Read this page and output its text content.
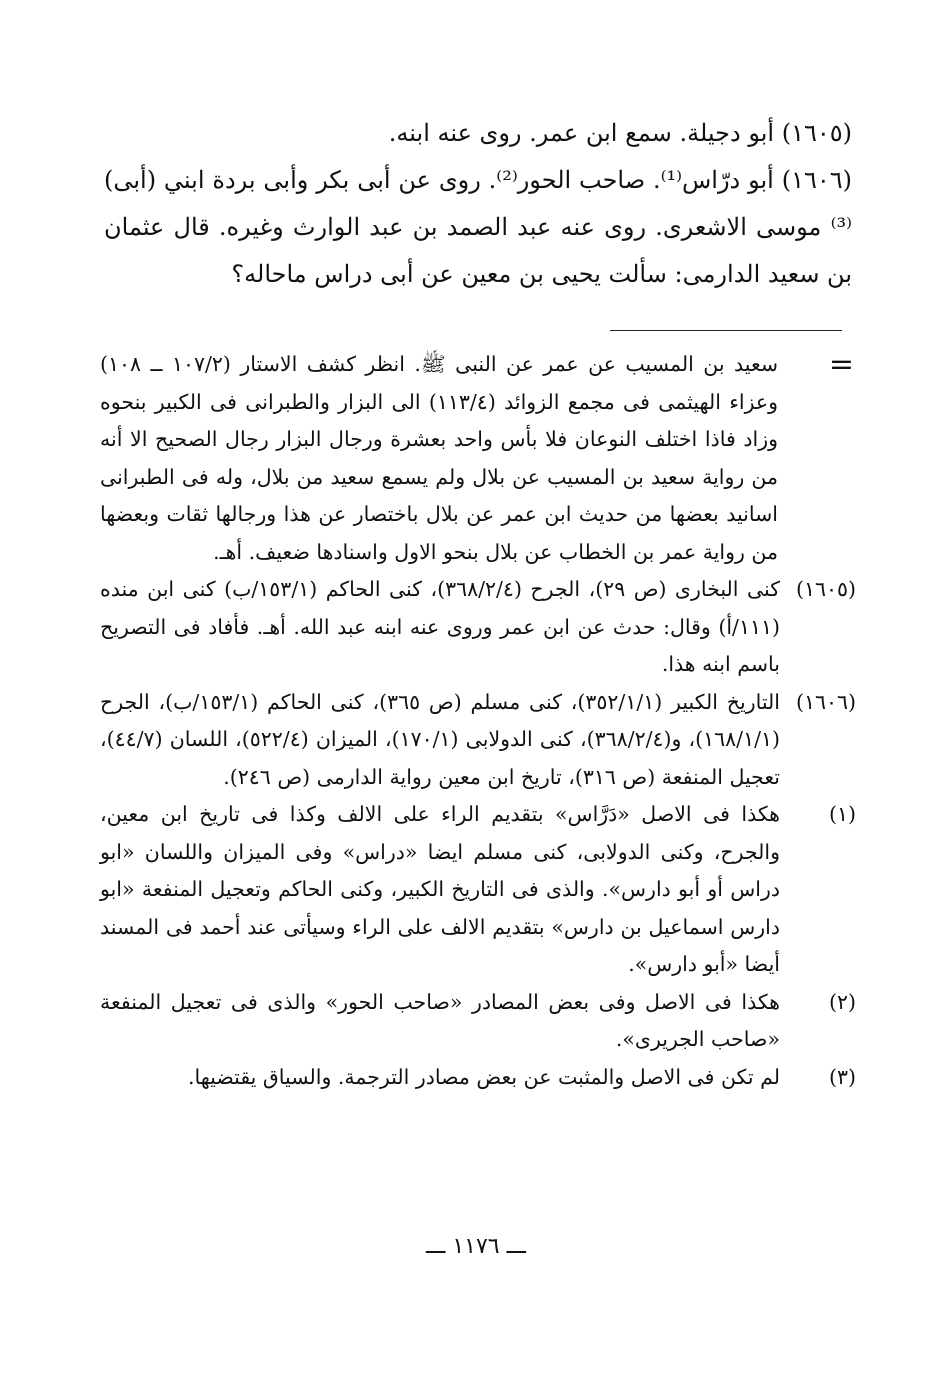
(١٦٠٥) أبو دجيلة. سمع ابن عمر. روى عنه ابنه.

(١٦٠٦) أبو درّاس⁽¹⁾. صاحب الحور⁽²⁾. روى عن أبى بكر وأبى بردة ابني (أبى)⁽³⁾ موسى الاشعرى. روى عنه عبد الصمد بن عبد الوارث وغيره. قال عثمان بن سعيد الدارمى: سألت يحيى بن معين عن أبى دراس ماحاله؟

=
سعيد بن المسيب عن عمر عن النبى ﷺ. انظر كشف الاستار (١٠٧/٢ ــ ١٠٨) وعزاء الهيثمى فى مجمع الزوائد (١١٣/٤) الى البزار والطبرانى فى الكبير بنحوه وزاد فاذا اختلف النوعان فلا بأس واحد بعشرة ورجال البزار رجال الصحيح الا أنه من رواية سعيد بن المسيب عن بلال ولم يسمع سعيد من بلال، وله فى الطبرانى اسانيد بعضها من حديث ابن عمر عن بلال باختصار عن هذا ورجالها ثقات وبعضها من رواية عمر بن الخطاب عن بلال بنحو الاول واسنادها ضعيف. أهـ.
(١٦٠٥)
كنى البخارى (ص ٢٩)، الجرح (٣٦٨/٢/٤)، كنى الحاكم (١٥٣/١/ب) كنى ابن منده (١١١/أ) وقال: حدث عن ابن عمر وروى عنه ابنه عبد الله. أهـ. فأفاد فى التصريح باسم ابنه هذا.
(١٦٠٦)
التاريخ الكبير (٣٥٢/١/١)، كنى مسلم (ص ٣٦٥)، كنى الحاكم (١٥٣/١/ب)، الجرح (١٦٨/١/١)، و(٣٦٨/٢/٤)، كنى الدولابى (١٧٠/١)، الميزان (٥٢٢/٤)، اللسان (٤٤/٧)، تعجيل المنفعة (ص ٣١٦)، تاريخ ابن معين رواية الدارمى (ص ٢٤٦).
(١)
هكذا فى الاصل «دَرَّاس» بتقديم الراء على الالف وكذا فى تاريخ ابن معين، والجرح، وكنى الدولابى، كنى مسلم ايضا «دراس» وفى الميزان واللسان «ابو دراس أو أبو دارس». والذى فى التاريخ الكبير، وكنى الحاكم وتعجيل المنفعة «ابو دارس اسماعيل بن دارس» بتقديم الالف على الراء وسيأتى عند أحمد فى المسند أيضا «أبو دارس».
(٢)
هكذا فى الاصل وفى بعض المصادر «صاحب الحور» والذى فى تعجيل المنفعة «صاحب الجريرى».
(٣)
لم تكن فى الاصل والمثبت عن بعض مصادر الترجمة. والسياق يقتضيها.
ـــ ١١٧٦ ـــ
